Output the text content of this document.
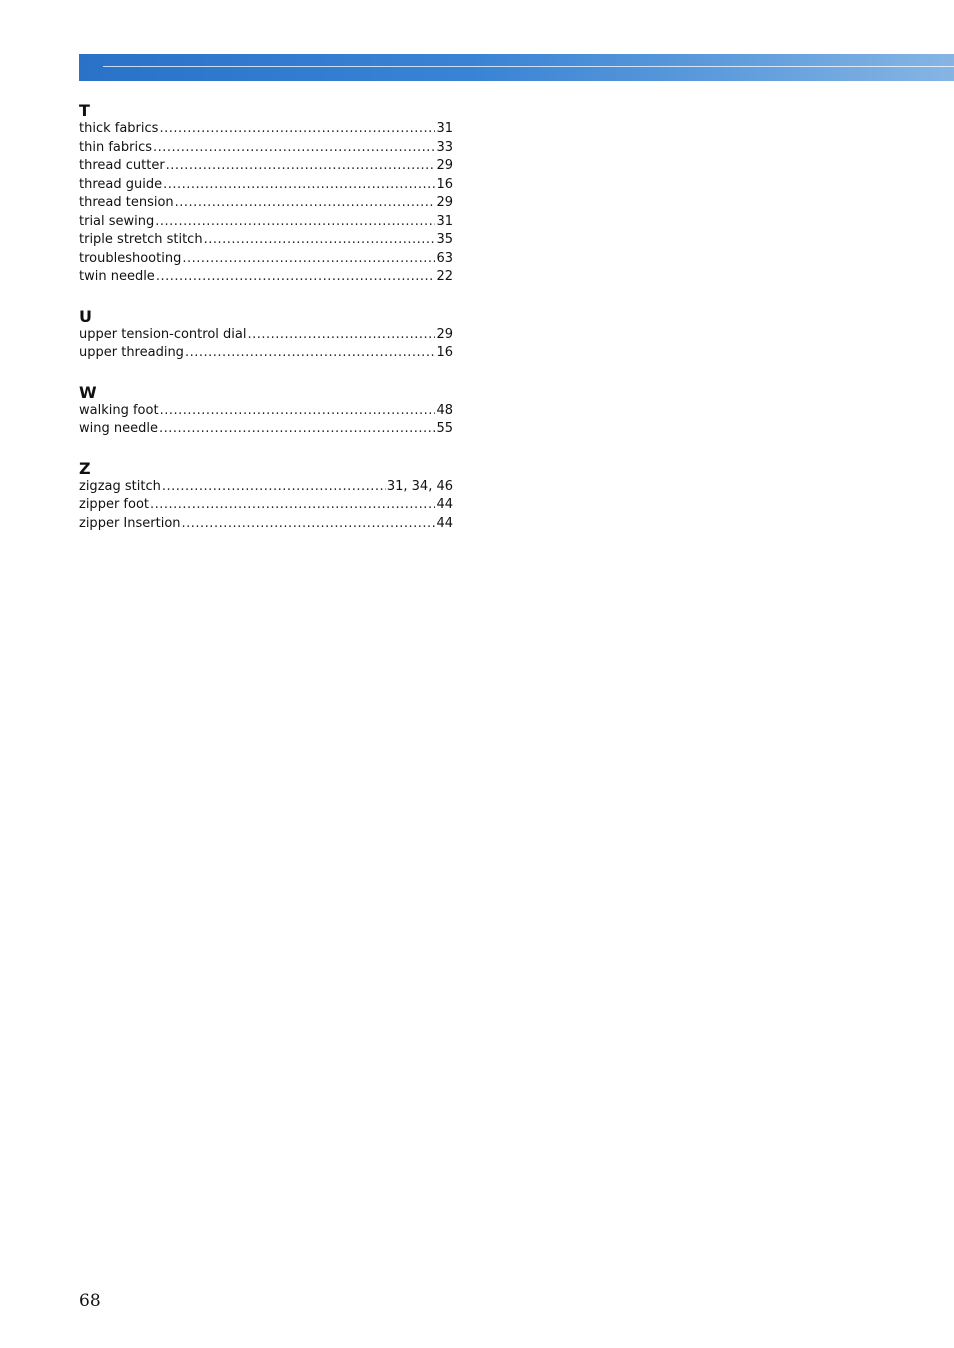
T
thick fabrics .....	31
thin fabrics .....	33
thread cutter .....	29
thread guide .....	16
thread tension .....	29
trial sewing .....	31
triple stretch stitch .....	35
troubleshooting .....	63
twin needle .....	22
U
upper tension-control dial .....	29
upper threading .....	16
W
walking foot .....	48
wing needle .....	55
Z
zigzag stitch .....	31, 34, 46
zipper foot .....	44
zipper Insertion .....	44
68
